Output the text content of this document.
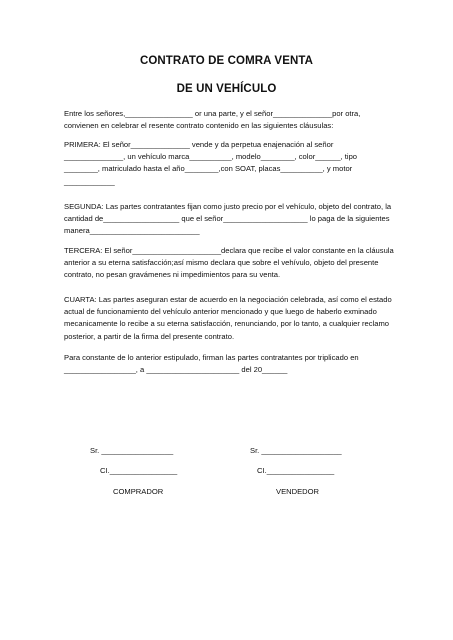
CONTRATO DE COMRA VENTA
DE UN VEHÍCULO
Entre los señores,________________ or una parte, y el señor______________por otra, convienen en celebrar el resente contrato contenido en las siguientes cláusulas:
PRIMERA: El señor______________ vende y da perpetua enajenación al señor ______________, un vehículo marca__________, modelo________, color______, tipo ________, matriculado hasta el año________,con SOAT, placas__________, y motor ____________
SEGUNDA: Las partes contratantes fijan como justo precio por el vehículo, objeto del contrato, la cantidad de__________________ que el señor____________________ lo paga de la siguientes manera__________________________
TERCERA: El señor_____________________declara que recibe el valor constante en la cláusula anterior a su eterna satisfacción;así mismo declara que sobre el vehívulo, objeto del presente contrato, no pesan gravámenes ni impedimientos para su venta.
CUARTA: Las partes aseguran estar de acuerdo en la negociación celebrada, así como el estado actual de funcionamiento del vehículo anterior mencionado y que luego de haberlo exminado mecanicamente lo recibe a su eterna satisfacción, renunciando, por lo tanto, a cualquier reclamo posterior, a partir de la firma del presente contrato.
Para constante de lo anterior estipulado, firman las partes contratantes por triplicado en _________________, a ______________________ del 20______
Sr. _________________
CI.________________
COMPRADOR
Sr. ___________________
CI.________________
VENDEDOR
